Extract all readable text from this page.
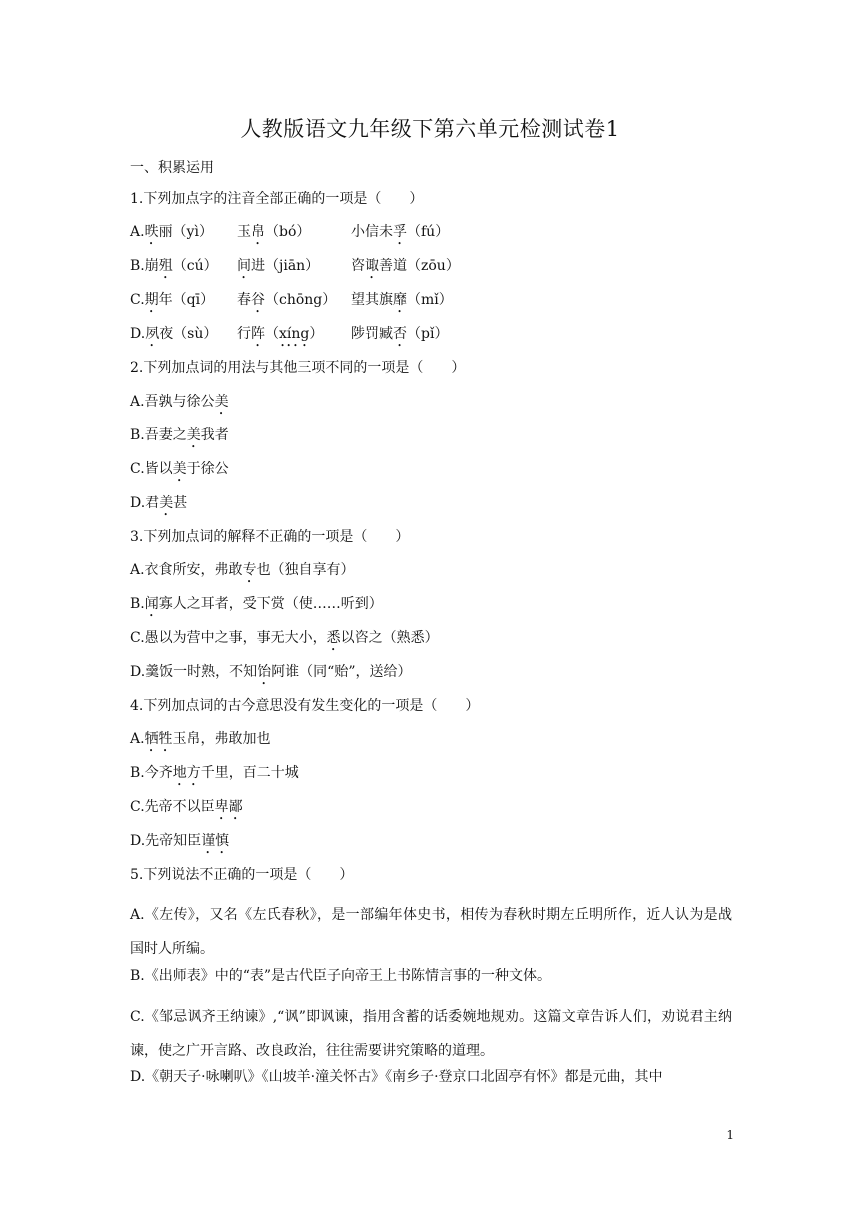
人教版语文九年级下第六单元检测试卷1
一、积累运用
1.下列加点字的注音全部正确的一项是（　　）
A.昳丽（yì） 玉帛（bó）	小信未孚（fú）
B.崩殂（cú） 间进（jiān） 咨诹善道（zōu）
C.期年（qī） 春谷（chōng） 望其旗靡（mǐ）
D.夙夜（sù） 行阵（xíng） 陟罚臧否（pǐ）
2.下列加点词的用法与其他三项不同的一项是（　　）
A.吾孰与徐公美
B.吾妻之美我者
C.皆以美于徐公
D.君美甚
3.下列加点词的解释不正确的一项是（　　）
A.衣食所安，弗敢专也（独自享有）
B.闻寡人之耳者，受下赏（使……听到）
C.愚以为营中之事，事无大小，悉以咨之（熟悉）
D.羹饭一时熟，不知饴阿谁（同“贻”，送给）
4.下列加点词的古今意思没有发生变化的一项是（　　）
A.牺牲玉帛，弗敢加也
B.今齐地方千里，百二十城
C.先帝不以臣卑鄙
D.先帝知臣谨慎
5.下列说法不正确的一项是（　　）
A.《左传》，又名《左氏春秋》，是一部编年体史书，相传为春秋时期左丘明所作，近人认为是战国时人所编。
B.《出师表》中的“表”是古代臣子向帝王上书陈情言事的一种文体。
C.《邹忌讽齐王纳谏》,“讽”即讽谏，指用含蓄的话委婉地规劝。这篇文章告诉人们，劝说君主纳谏，使之广开言路、改良政治，往往需要讲究策略的道理。
D.《朝天子·咏喇叭》《山坡羊·潼关怀古》《南乡子·登京口北固亭有怀》都是元曲，其中
1
